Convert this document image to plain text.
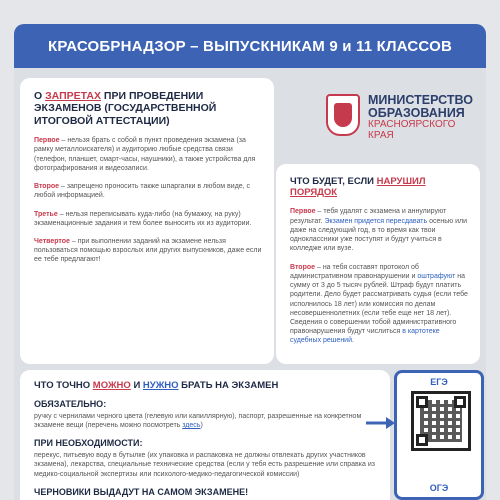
КРАСОБРНАДЗОР – ВЫПУСКНИКАМ 9 и 11 КЛАССОВ
О ЗАПРЕТАХ ПРИ ПРОВЕДЕНИИ ЭКЗАМЕНОВ (ГОСУДАРСТВЕННОЙ ИТОГОВОЙ АТТЕСТАЦИИ)

Первое – нельзя брать с собой в пункт проведения экзамена (за рамку металлоискателя) и аудиторию любые средства связи (телефон, планшет, смарт-часы, наушники), а также устройства для фотографирования и видеозаписи.

Второе – запрещено проносить также шпаргалки в любом виде, с любой информацией.

Третье – нельзя переписывать куда-либо (на бумажку, на руку) экзаменационные задания и тем более выносить их из аудитории.

Четвертое – при выполнении заданий на экзамене нельзя пользоваться помощью взрослых или других выпускников, даже если ее тебе предлагают!

МИНИСТЕРСТВО
ОБРАЗОВАНИЯ
КРАСНОЯРСКОГО
КРАЯ
ЧТО БУДЕТ, ЕСЛИ НАРУШИЛ ПОРЯДОК

Первое – тебя удалят с экзамена и аннулируют результат. Экзамен придется пересдавать осенью или даже на следующий год, в то время как твои одноклассники уже поступят и будут учиться в колледже или вузе.

Второе – на тебя составят протокол об административном правонарушении и оштрафуют на сумму от 3 до 5 тысяч рублей. Штраф будут платить родители. Дело будет рассматривать судья (если тебе исполнилось 18 лет) или комиссия по делам несовершеннолетних (если тебе еще нет 18 лет). Сведения о совершении тобой административного правонарушения будут числиться в картотеке судебных решений.

ЧТО ТОЧНО МОЖНО И НУЖНО БРАТЬ НА ЭКЗАМЕН
ОБЯЗАТЕЛЬНО:
ручку с чернилами черного цвета (гелевую или капиллярную), паспорт, разрешенные на конкретном экзамене вещи (перечень можно посмотреть здесь)
ПРИ НЕОБХОДИМОСТИ:
перекус, питьевую воду в бутылке (их упаковка и распаковка не должны отвлекать других участников экзамена), лекарства, специальные технические средства (если у тебя есть разрешение или справка из медико-социальной экспертизы или психолого-медико-педагогической комиссии)
ЧЕРНОВИКИ ВЫДАДУТ НА САМОМ ЭКЗАМЕНЕ!
ЕГЭ
ОГЭ
